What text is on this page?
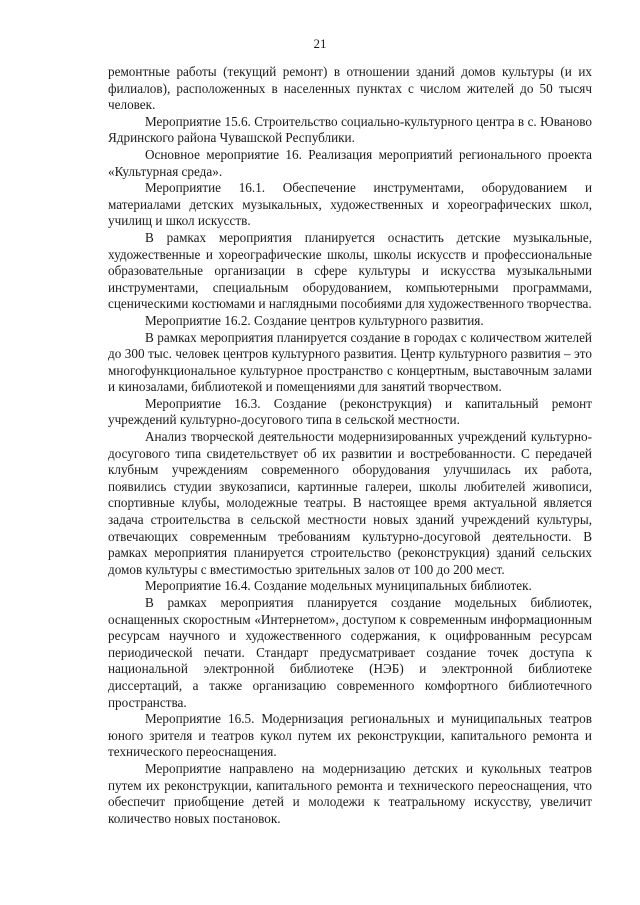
21

ремонтные работы (текущий ремонт) в отношении зданий домов культуры (и их филиалов), расположенных в населенных пунктах с числом жителей до 50 тысяч человек.

Мероприятие 15.6. Строительство социально-культурного центра в с. Юваново Ядринского района Чувашской Республики.

Основное мероприятие 16. Реализация мероприятий регионального проекта «Культурная среда».

Мероприятие 16.1. Обеспечение инструментами, оборудованием и материалами детских музыкальных, художественных и хореографических школ, училищ и школ искусств.

В рамках мероприятия планируется оснастить детские музыкальные, художественные и хореографические школы, школы искусств и профессиональные образовательные организации в сфере культуры и искусства музыкальными инструментами, специальным оборудованием, компьютерными программами, сценическими костюмами и наглядными пособиями для художественного творчества.

Мероприятие 16.2. Создание центров культурного развития.

В рамках мероприятия планируется создание в городах с количеством жителей до 300 тыс. человек центров культурного развития. Центр культурного развития – это многофункциональное культурное пространство с концертным, выставочным залами и кинозалами, библиотекой и помещениями для занятий творчеством.

Мероприятие 16.3. Создание (реконструкция) и капитальный ремонт учреждений культурно-досугового типа в сельской местности.

Анализ творческой деятельности модернизированных учреждений культурно-досугового типа свидетельствует об их развитии и востребованности. С передачей клубным учреждениям современного оборудования улучшилась их работа, появились студии звукозаписи, картинные галереи, школы любителей живописи, спортивные клубы, молодежные театры. В настоящее время актуальной является задача строительства в сельской местности новых зданий учреждений культуры, отвечающих современным требованиям культурно-досуговой деятельности. В рамках мероприятия планируется строительство (реконструкция) зданий сельских домов культуры с вместимостью зрительных залов от 100 до 200 мест.

Мероприятие 16.4. Создание модельных муниципальных библиотек.

В рамках мероприятия планируется создание модельных библиотек, оснащенных скоростным «Интернетом», доступом к современным информационным ресурсам научного и художественного содержания, к оцифрованным ресурсам периодической печати. Стандарт предусматривает создание точек доступа к национальной электронной библиотеке (НЭБ) и электронной библиотеке диссертаций, а также организацию современного комфортного библиотечного пространства.

Мероприятие 16.5. Модернизация региональных и муниципальных театров юного зрителя и театров кукол путем их реконструкции, капитального ремонта и технического переоснащения.

Мероприятие направлено на модернизацию детских и кукольных театров путем их реконструкции, капитального ремонта и технического переоснащения, что обеспечит приобщение детей и молодежи к театральному искусству, увеличит количество новых постановок.
